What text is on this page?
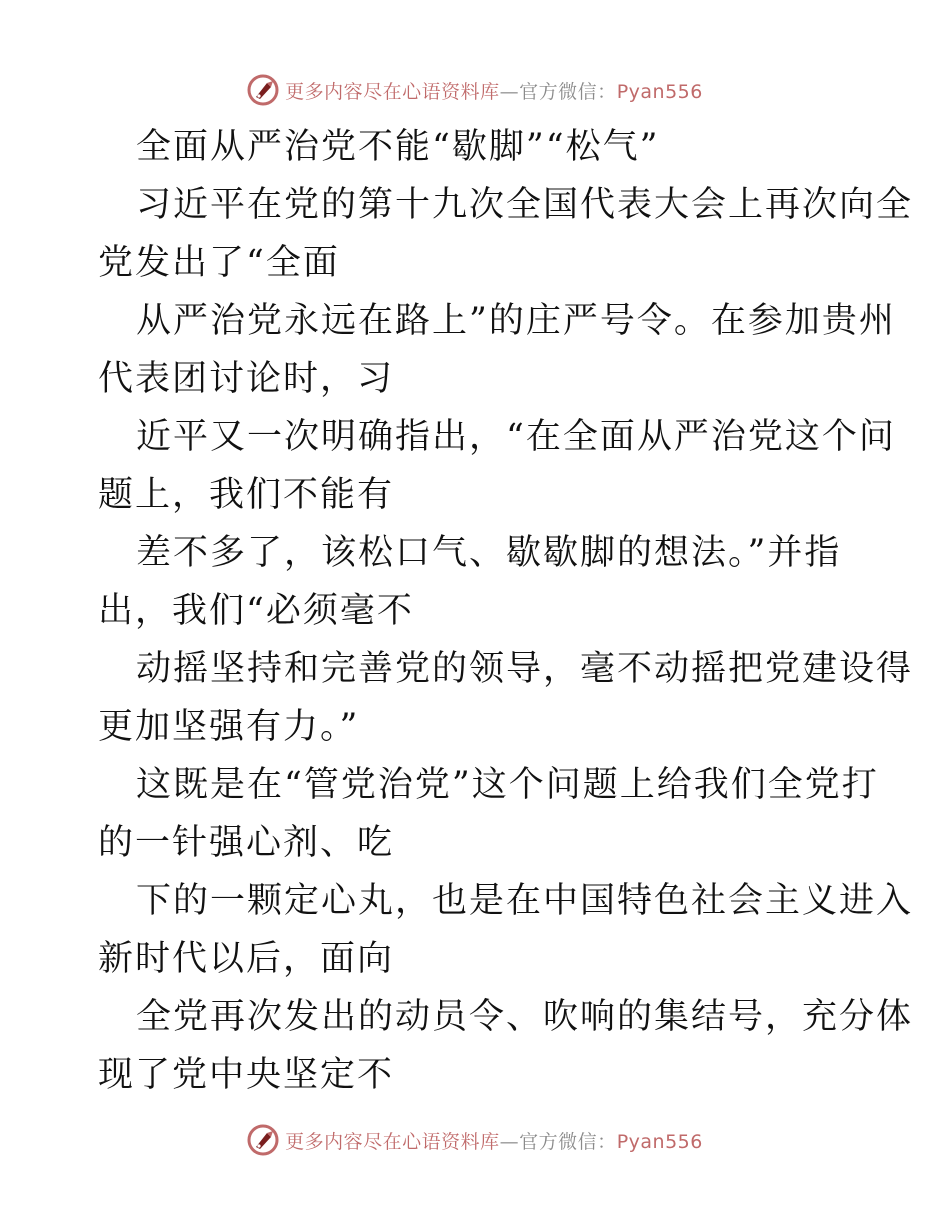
更多内容尽在心语资料库—官方微信：Pyan556
全面从严治党不能“歇脚”“松气”
习近平在党的第十九次全国代表大会上再次向全
党发出了“全面
从严治党永远在路上”的庄严号令。在参加贵州
代表团讨论时，习
近平又一次明确指出，“在全面从严治党这个问
题上，我们不能有
差不多了，该松口气、歇歇脚的想法。”并指
出，我们“必须毫不
动摇坚持和完善党的领导，毫不动摇把党建设得
更加坚强有力。”
这既是在“管党治党”这个问题上给我们全党打
的一针强心剂、吃
下的一颗定心丸，也是在中国特色社会主义进入
新时代以后，面向
全党再次发出的动员令、吹响的集结号，充分体
现了党中央坚定不
更多内容尽在心语资料库—官方微信：Pyan556
